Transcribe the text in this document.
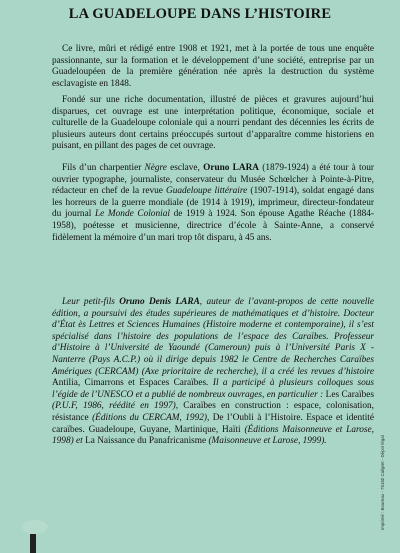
LA GUADELOUPE DANS L’HISTOIRE

Ce livre, mûri et rédigé entre 1908 et 1921, met à la portée de tous une enquête passionnante, sur la formation et le développement d’une société, entreprise par un Guadeloupéen de la première génération née après la destruction du système esclavagiste en 1848.

Fondé sur une riche documentation, illustré de pièces et gravures aujourd’hui disparues, cet ouvrage est une interprétation politique, économique, sociale et culturelle de la Guadeloupe coloniale qui a nourri pendant des décennies les écrits de plusieurs auteurs dont certains préoccupés surtout d’apparaître comme historiens en puisant, en pillant des pages de cet ouvrage.

Fils d’un charpentier Nègre esclave, Oruno LARA (1879-1924) a été tour à tour ouvrier typographe, journaliste, conservateur du Musée Schœlcher à Pointe-à-Pitre, rédacteur en chef de la revue Guadeloupe littéraire (1907-1914), soldat engagé dans les horreurs de la guerre mondiale (de 1914 à 1919), imprimeur, directeur-fondateur du journal Le Monde Colonial de 1919 à 1924. Son épouse Agathe Réache (1884-1958), poétesse et musicienne, directrice d’école à Sainte-Anne, a conservé fidèlement la mémoire d’un mari trop tôt disparu, à 45 ans.

Leur petit-fils Oruno Denis LARA, auteur de l’avant-propos de cette nouvelle édition, a poursuivi des études supérieures de mathématiques et d’histoire. Docteur d’État ès Lettres et Sciences Humaines (Histoire moderne et contemporaine), il s’est spécialisé dans l’histoire des populations de l’espace des Caraïbes. Professeur d’Histoire à l’Université de Yaoundé (Cameroun) puis à l’Université Paris X - Nanterre (Pays A.C.P.) où il dirige depuis 1982 le Centre de Recherches Caraïbes Amériques (CERCAM) (Axe prioritaire de recherche), il a créé les revues d’histoire Antilia, Cimarrons et Espaces Caraïbes. Il a participé à plusieurs colloques sous l’égide de l’UNESCO et a publié de nombreux ouvrages, en particulier : Les Caraïbes (P.U.F, 1986, réédité en 1997), Caraïbes en construction : espace, colonisation, résistance (Éditions du CERCAM, 1992), De l’Oubli à l’Histoire. Espace et identité caraïbes. Guadeloupe, Guyane, Martinique, Haïti (Éditions Maisonneuve et Larose, 1998) et La Naissance du Panafricanisme (Maisonneuve et Larose, 1999).	Imprimé : Boureau - 75150 Caligret - Dépot légal
